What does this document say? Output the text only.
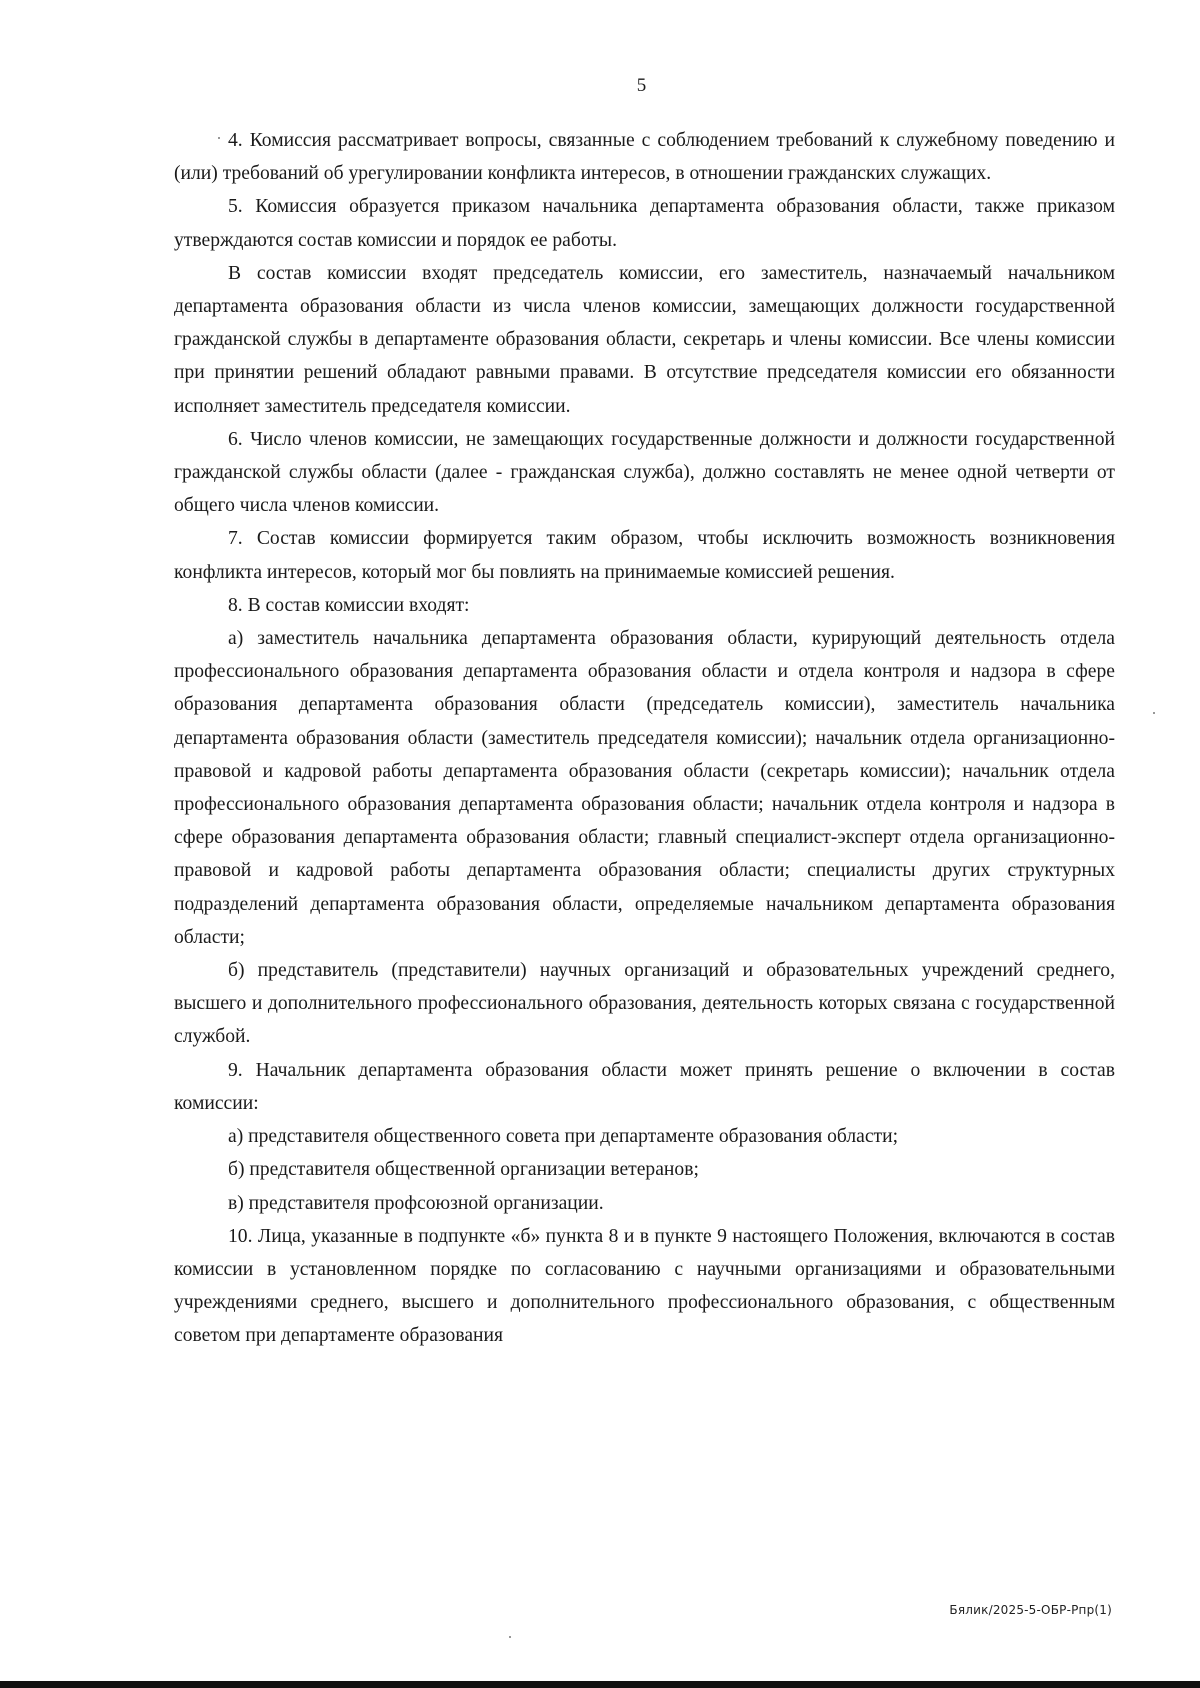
5

4. Комиссия рассматривает вопросы, связанные с соблюдением требований к служебному поведению и (или) требований об урегулировании конфликта интересов, в отношении гражданских служащих.

5. Комиссия образуется приказом начальника департамента образования области, также приказом утверждаются состав комиссии и порядок ее работы.

В состав комиссии входят председатель комиссии, его заместитель, назначаемый начальником департамента образования области из числа членов комиссии, замещающих должности государственной гражданской службы в департаменте образования области, секретарь и члены комиссии. Все члены комиссии при принятии решений обладают равными правами. В отсутствие председателя комиссии его обязанности исполняет заместитель председателя комиссии.

6. Число членов комиссии, не замещающих государственные должности и должности государственной гражданской службы области (далее - гражданская служба), должно составлять не менее одной четверти от общего числа членов комиссии.

7. Состав комиссии формируется таким образом, чтобы исключить возможность возникновения конфликта интересов, который мог бы повлиять на принимаемые комиссией решения.

8. В состав комиссии входят:

а) заместитель начальника департамента образования области, курирующий деятельность отдела профессионального образования департамента образования области и отдела контроля и надзора в сфере образования департамента образования области (председатель комиссии), заместитель начальника департамента образования области (заместитель председателя комиссии); начальник отдела организационно-правовой и кадровой работы департамента образования области (секретарь комиссии); начальник отдела профессионального образования департамента образования области; начальник отдела контроля и надзора в сфере образования департамента образования области; главный специалист-эксперт отдела организационно-правовой и кадровой работы департамента образования области; специалисты других структурных подразделений департамента образования области, определяемые начальником департамента образования области;

б) представитель (представители) научных организаций и образовательных учреждений среднего, высшего и дополнительного профессионального образования, деятельность которых связана с государственной службой.

9. Начальник департамента образования области может принять решение о включении в состав комиссии:

а) представителя общественного совета при департаменте образования области;

б) представителя общественной организации ветеранов;

в) представителя профсоюзной организации.

10. Лица, указанные в подпункте «б» пункта 8 и в пункте 9 настоящего Положения, включаются в состав комиссии в установленном порядке по согласованию с научными организациями и образовательными учреждениями среднего, высшего и дополнительного профессионального образования, с общественным советом при департаменте образования

Бялик/2025-5-ОБР-Рпр(1)
